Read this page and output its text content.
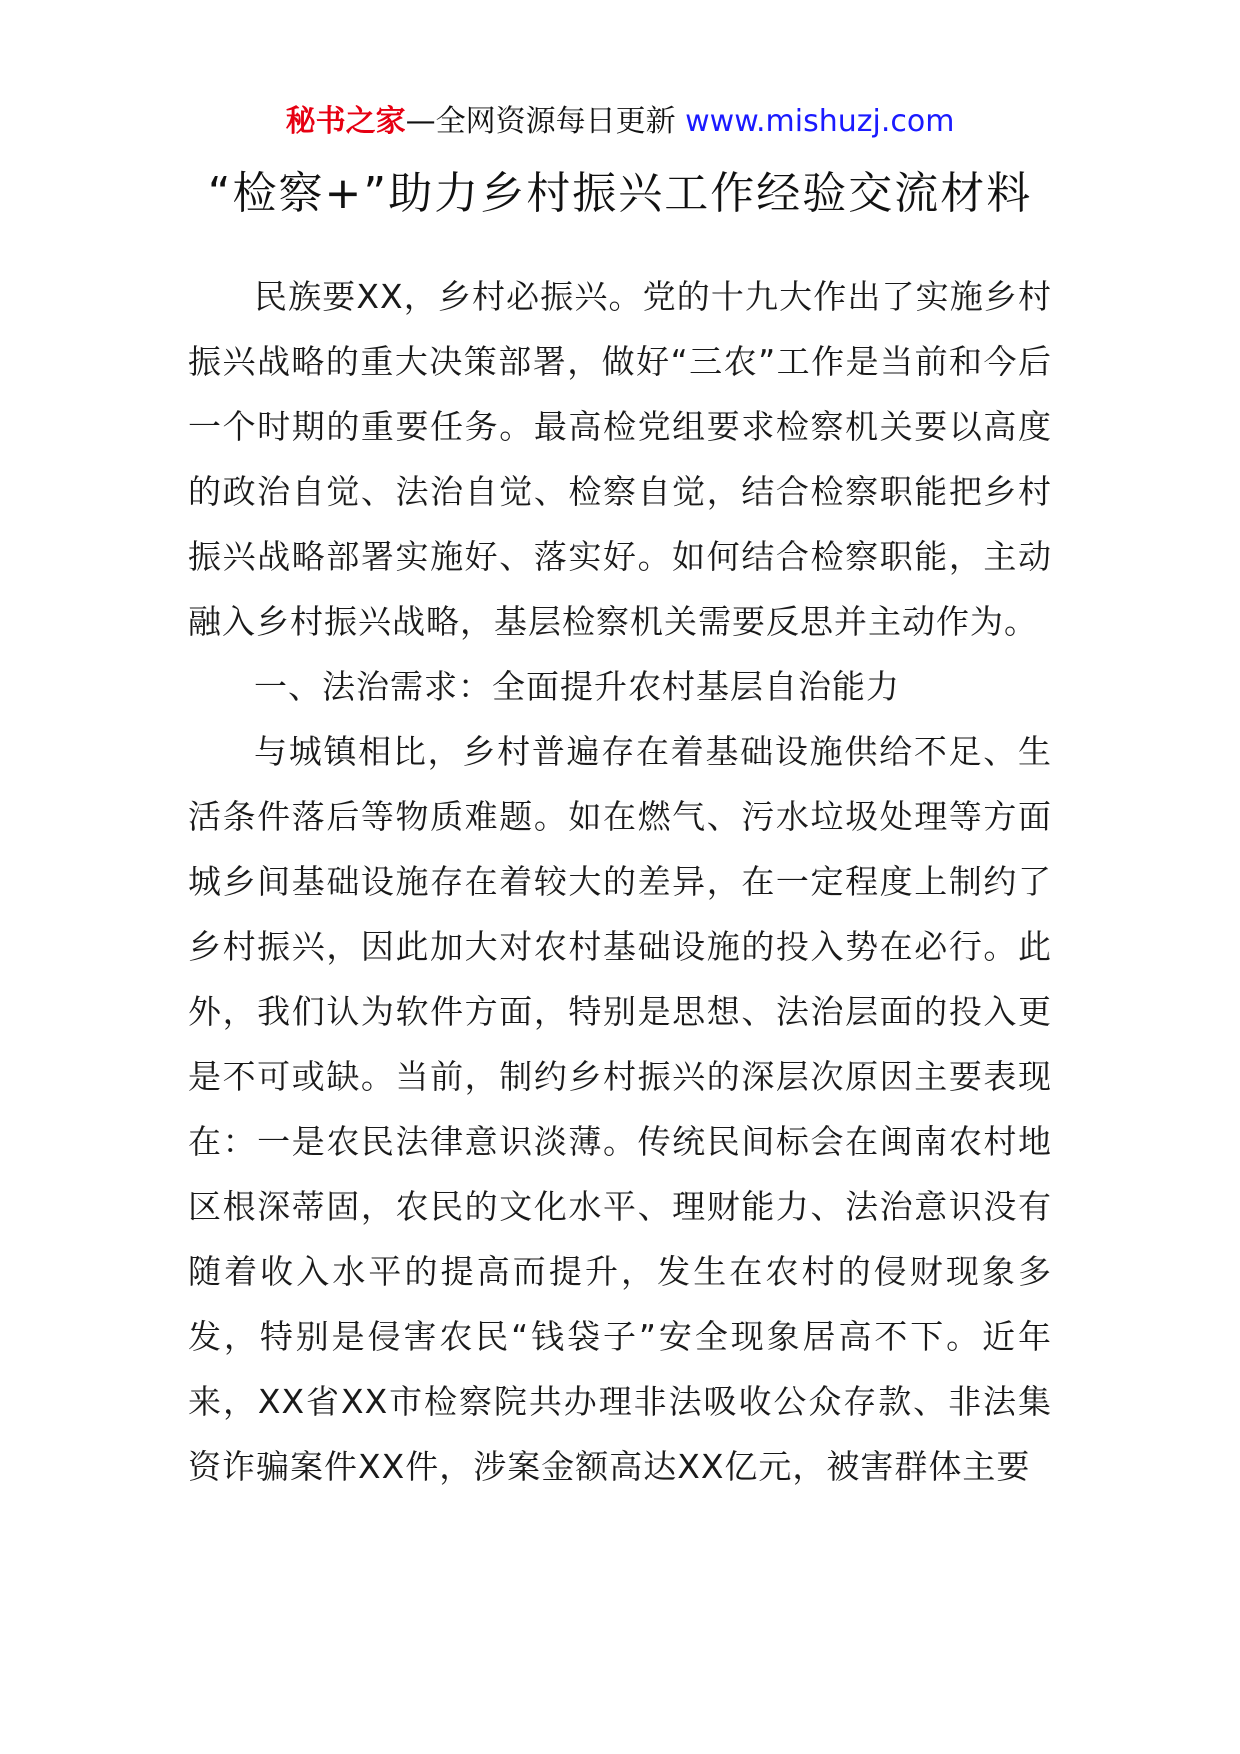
秘书之家—全网资源每日更新 www.mishuzj.com
“检察+”助力乡村振兴工作经验交流材料

民族要XX，乡村必振兴。党的十九大作出了实施乡村振兴战略的重大决策部署，做好“三农”工作是当前和今后一个时期的重要任务。最高检党组要求检察机关要以高度的政治自觉、法治自觉、检察自觉，结合检察职能把乡村振兴战略部署实施好、落实好。如何结合检察职能，主动融入乡村振兴战略，基层检察机关需要反思并主动作为。

一、法治需求：全面提升农村基层自治能力

与城镇相比，乡村普遍存在着基础设施供给不足、生活条件落后等物质难题。如在燃气、污水垃圾处理等方面城乡间基础设施存在着较大的差异，在一定程度上制约了乡村振兴，因此加大对农村基础设施的投入势在必行。此外，我们认为软件方面，特别是思想、法治层面的投入更是不可或缺。当前，制约乡村振兴的深层次原因主要表现在：一是农民法律意识淡薄。传统民间标会在闽南农村地区根深蒂固，农民的文化水平、理财能力、法治意识没有随着收入水平的提高而提升，发生在农村的侵财现象多发，特别是侵害农民“钱袋子”安全现象居高不下。近年来，XX省XX市检察院共办理非法吸收公众存款、非法集资诈骗案件XX件，涉案金额高达XX亿元，被害群体主要
